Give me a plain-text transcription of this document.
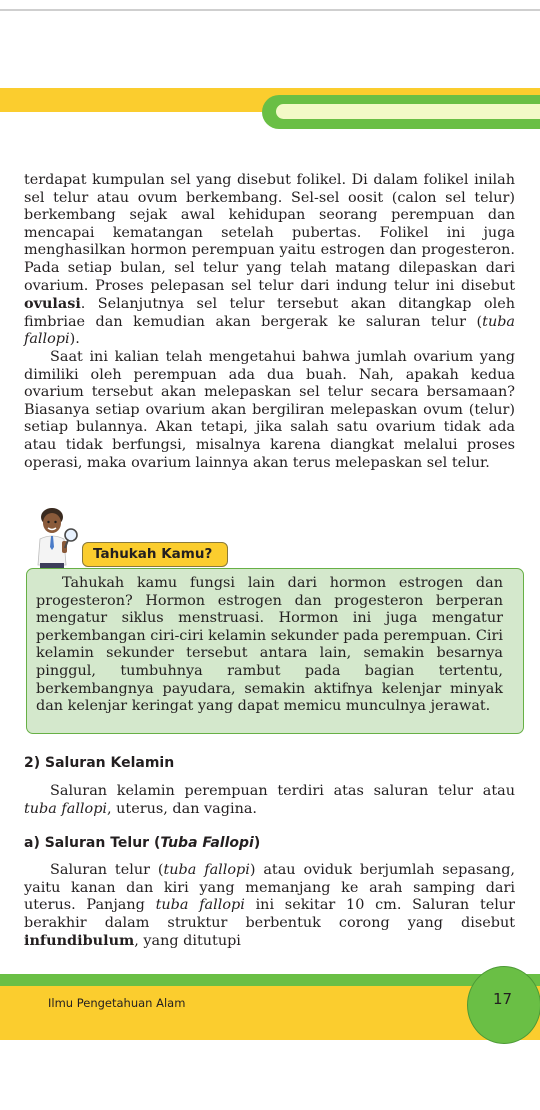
terdapat kumpulan sel yang disebut folikel. Di dalam folikel inilah sel telur atau ovum berkembang. Sel-sel oosit (calon sel telur) berkembang sejak awal kehidupan seorang perempuan dan mencapai kematangan setelah pubertas. Folikel ini juga menghasilkan hormon perempuan yaitu estrogen dan progesteron. Pada setiap bulan, sel telur yang telah matang dilepaskan dari ovarium. Proses pelepasan sel telur dari indung telur ini disebut ovulasi. Selanjutnya sel telur tersebut akan ditangkap oleh fimbriae dan kemudian akan bergerak ke saluran telur (tuba fallopi).

Saat ini kalian telah mengetahui bahwa jumlah ovarium yang dimiliki oleh perempuan ada dua buah. Nah, apakah kedua ovarium tersebut akan melepaskan sel telur secara bersamaan? Biasanya setiap ovarium akan bergiliran melepaskan ovum (telur) setiap bulannya. Akan tetapi, jika salah satu ovarium tidak ada atau tidak berfungsi, misalnya karena diangkat melalui proses operasi, maka ovarium lainnya akan terus melepaskan sel telur.

Tahukah Kamu?

Tahukah kamu fungsi lain dari hormon estrogen dan progesteron? Hormon estrogen dan progesteron berperan mengatur siklus menstruasi. Hormon ini juga mengatur perkembangan ciri-ciri kelamin sekunder pada perempuan. Ciri kelamin sekunder tersebut antara lain, semakin besarnya pinggul, tumbuhnya rambut pada bagian tertentu, berkembangnya payudara, semakin aktifnya kelenjar minyak dan kelenjar keringat yang dapat memicu munculnya jerawat.

2) Saluran Kelamin

Saluran kelamin perempuan terdiri atas saluran telur atau tuba fallopi, uterus, dan vagina.

a) Saluran Telur (Tuba Fallopi)

Saluran telur (tuba fallopi) atau oviduk berjumlah sepasang, yaitu kanan dan kiri yang memanjang ke arah samping dari uterus. Panjang tuba fallopi ini sekitar 10 cm. Saluran telur berakhir dalam struktur berbentuk corong yang disebut infundibulum, yang ditutupi

Ilmu Pengetahuan Alam	17
